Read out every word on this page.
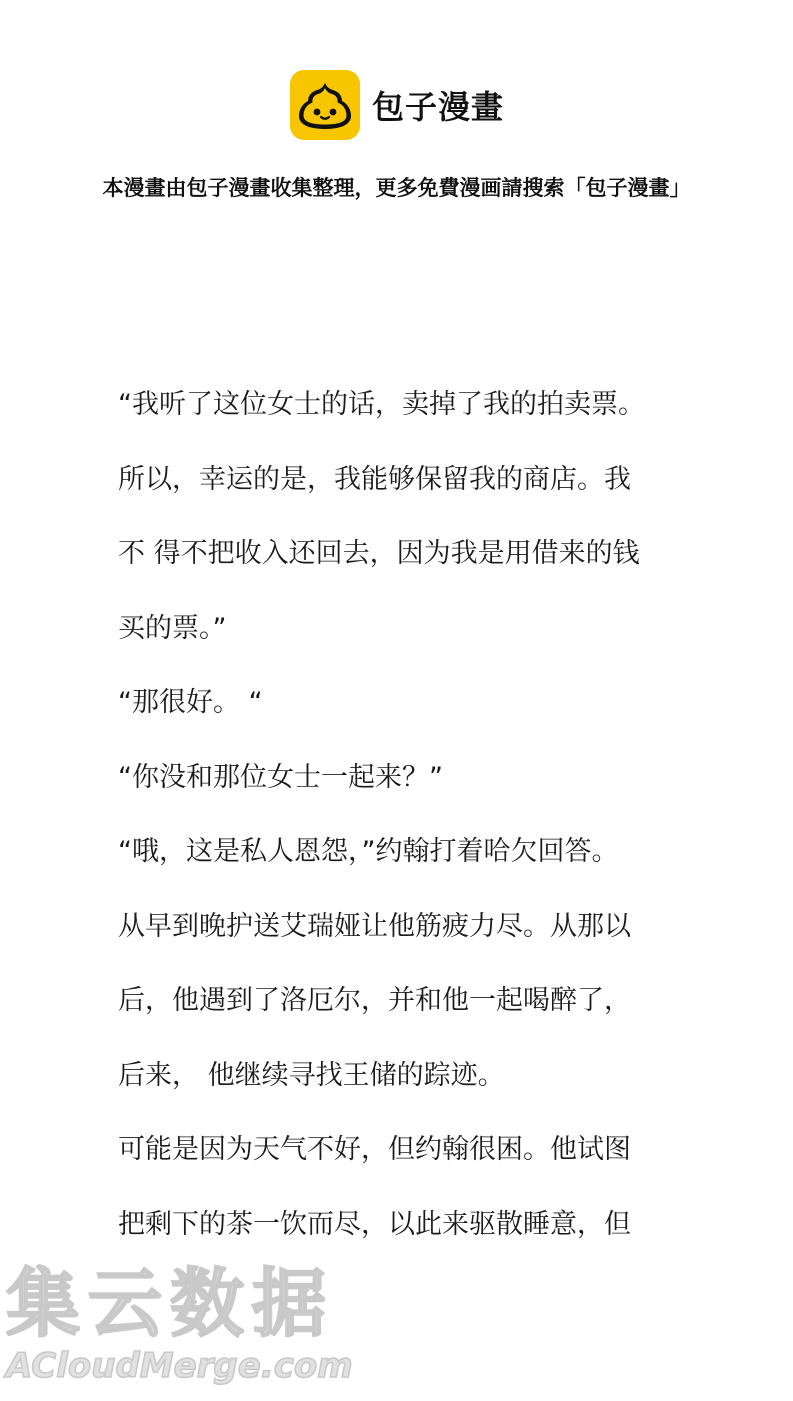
包子漫畫
本漫畫由包子漫畫收集整理，更多免費漫画請搜索「包子漫畫」
“我听了这位女士的话，卖掉了我的拍卖票。
所以，幸运的是，我能够保留我的商店。我
不 得不把收入还回去，因为我是用借来的钱
买的票。”
“那很好。 “
“你没和那位女士一起来？”
“哦，这是私人恩怨，”约翰打着哈欠回答。
从早到晚护送艾瑞娅让他筋疲力尽。从那以
后，他遇到了洛厄尔，并和他一起喝醉了，
后来， 他继续寻找王储的踪迹。
可能是因为天气不好，但约翰很困。他试图
把剩下的茶一饮而尽，以此来驱散睡意，但
集云数据
ACloudMerge.com
